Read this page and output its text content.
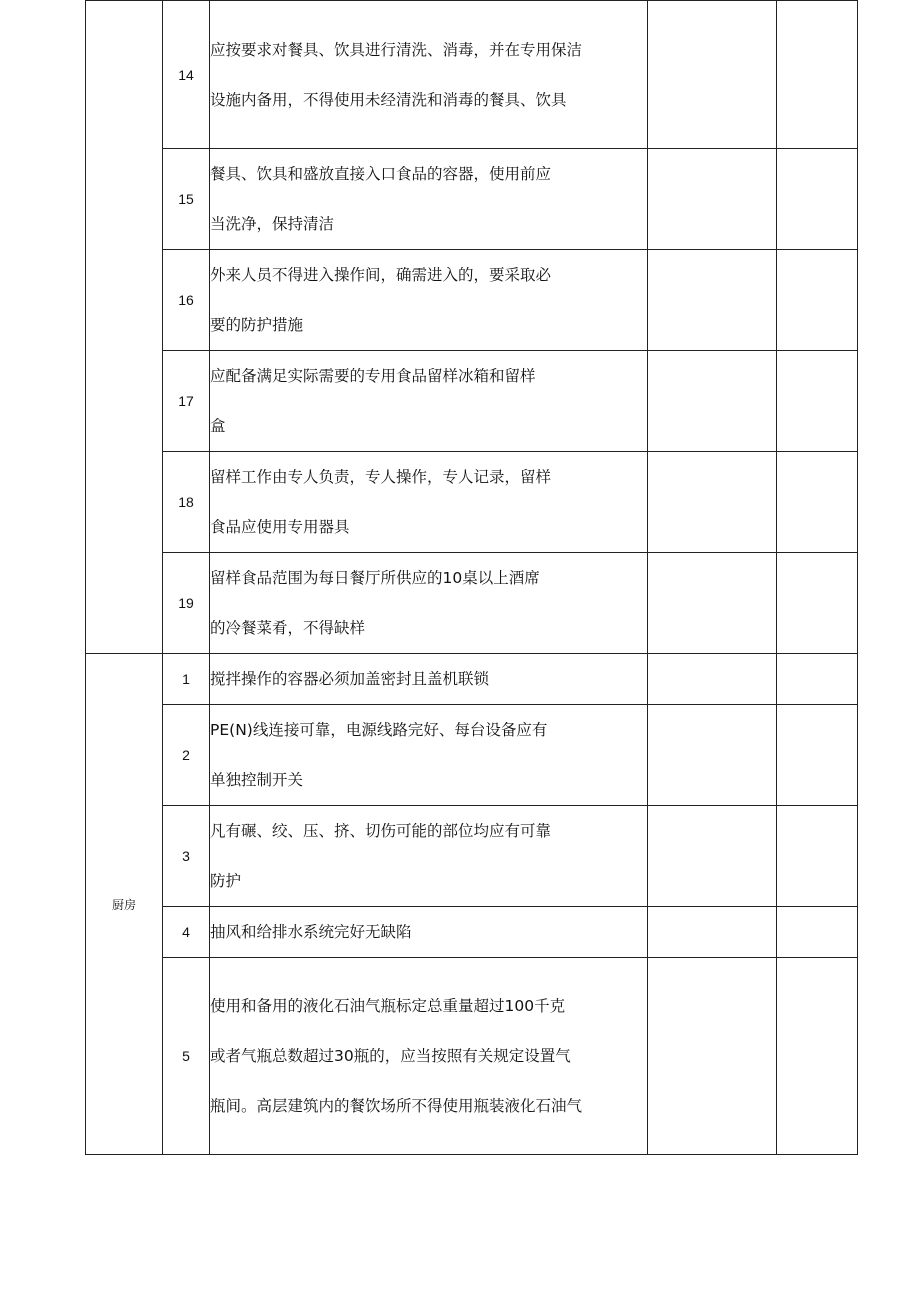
	14	应按要求对餐具、饮具进行清洗、消毒，并在专用保洁
设施内备用，不得使用未经清洗和消毒的餐具、饮具		

	15	餐具、饮具和盛放直接入口食品的容器，使用前应
当洗净，保持清洁		

	16	外来人员不得进入操作间，确需进入的，要采取必
要的防护措施		

	17	应配备满足实际需要的专用食品留样冰箱和留样
盒		

	18	留样工作由专人负责，专人操作，专人记录，留样
食品应使用专用器具		

	19	留样食品范围为每日餐厅所供应的10桌以上酒席
的冷餐菜肴，不得缺样		

厨房	1	搅拌操作的容器必须加盖密封且盖机联锁		

	2	PE(N)线连接可靠，电源线路完好、每台设备应有
单独控制开关		

	3	凡有碾、绞、压、挤、切伤可能的部位均应有可靠
防护		

	4	抽风和给排水系统完好无缺陷		

	5	使用和备用的液化石油气瓶标定总重量超过100千克
或者气瓶总数超过30瓶的，应当按照有关规定设置气
瓶间。高层建筑内的餐饮场所不得使用瓶装液化石油气		
